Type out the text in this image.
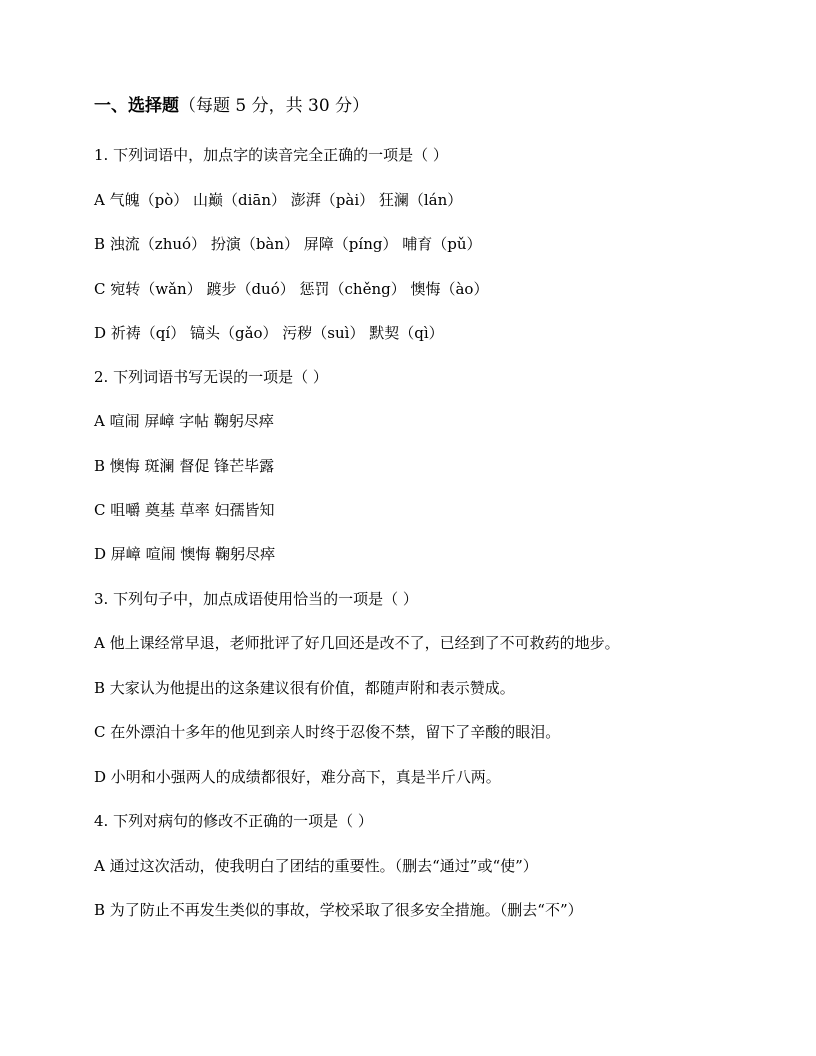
一、选择题（每题 5 分，共 30 分）
1. 下列词语中，加点字的读音完全正确的一项是（ ）
A 气魄（pò） 山巅（diān） 澎湃（pài） 狂澜（lán）
B 浊流（zhuó） 扮演（bàn） 屏障（píng） 哺育（pǔ）
C 宛转（wǎn） 踱步（duó） 惩罚（chěng） 懊悔（ào）
D 祈祷（qí） 镐头（gǎo） 污秽（suì） 默契（qì）
2. 下列词语书写无误的一项是（ ）
A 喧闹 屏嶂 字帖 鞠躬尽瘁
B 懊悔 斑澜 督促 锋芒毕露
C 咀嚼 奠基 草率 妇孺皆知
D 屏嶂 喧闹 懊悔 鞠躬尽瘁
3. 下列句子中，加点成语使用恰当的一项是（ ）
A 他上课经常早退，老师批评了好几回还是改不了，已经到了不可救药的地步。
B 大家认为他提出的这条建议很有价值，都随声附和表示赞成。
C 在外漂泊十多年的他见到亲人时终于忍俊不禁，留下了辛酸的眼泪。
D 小明和小强两人的成绩都很好，难分高下，真是半斤八两。
4. 下列对病句的修改不正确的一项是（ ）
A 通过这次活动，使我明白了团结的重要性。（删去“通过”或“使”）
B 为了防止不再发生类似的事故，学校采取了很多安全措施。（删去“不”）
